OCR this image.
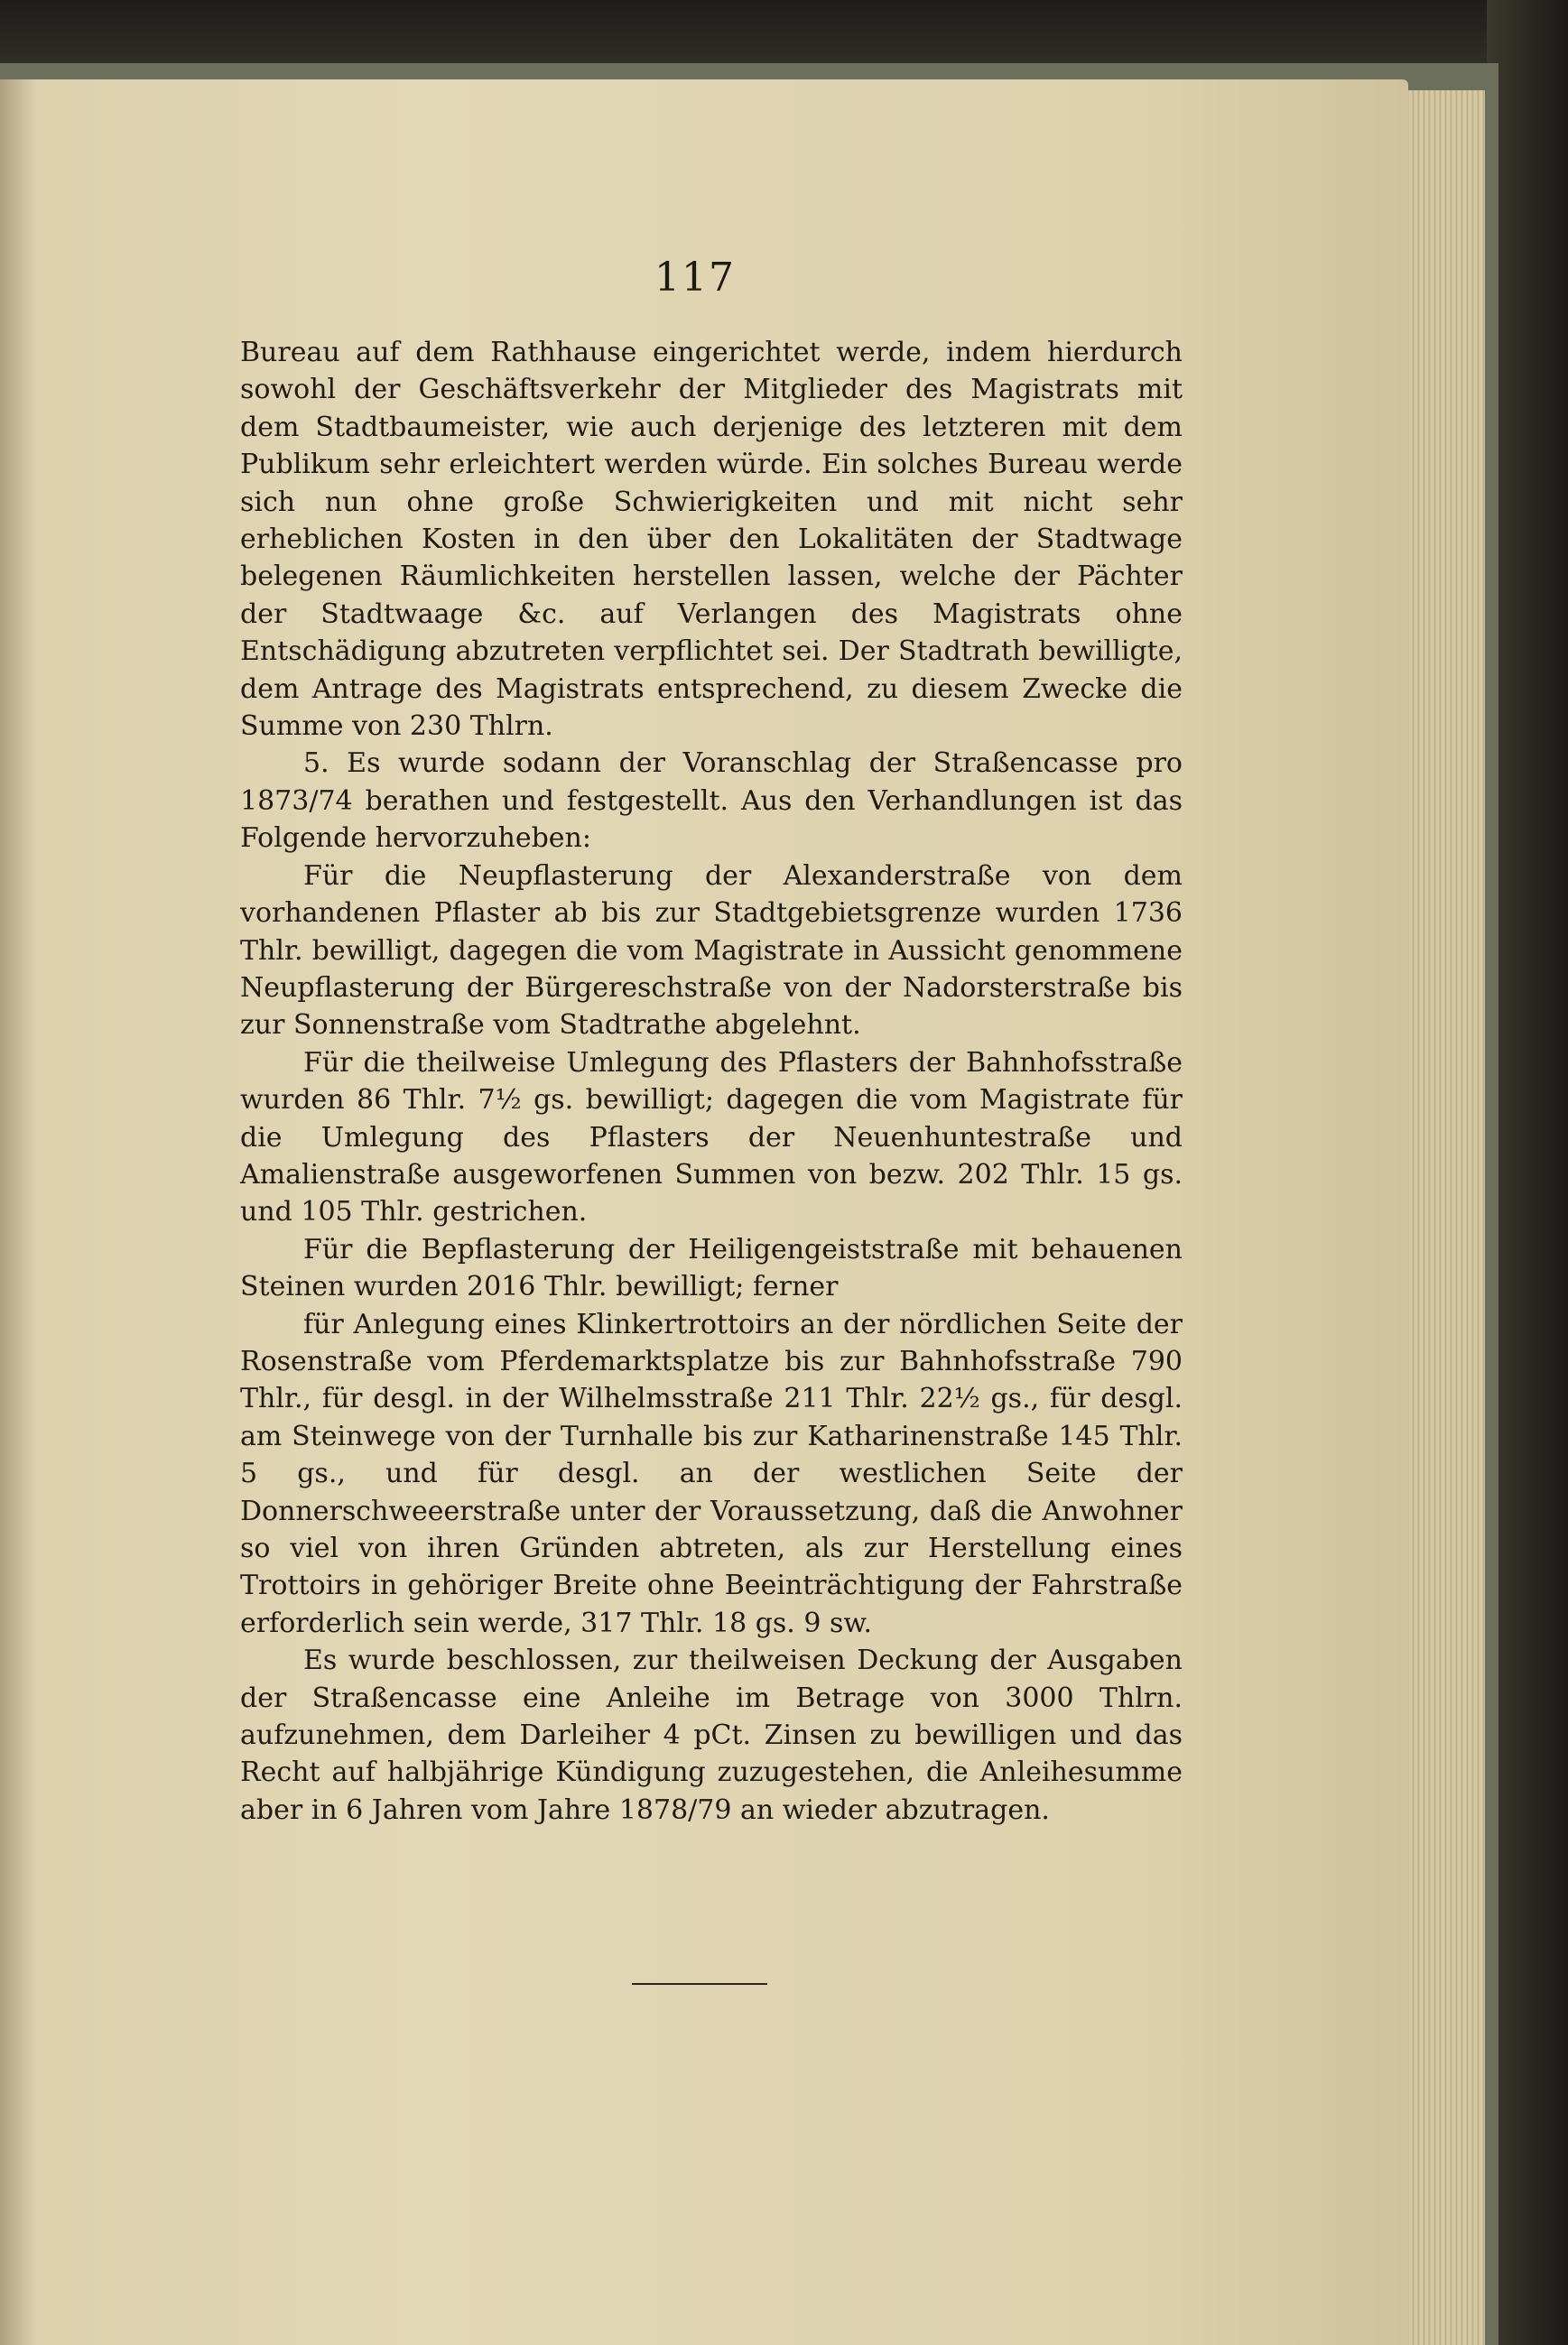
117

Bureau auf dem Rathhause eingerichtet werde, indem hierdurch sowohl der Geschäftsverkehr der Mitglieder des Magistrats mit dem Stadtbaumeister, wie auch derjenige des letzteren mit dem Publikum sehr erleichtert werden würde. Ein solches Bureau werde sich nun ohne große Schwierigkeiten und mit nicht sehr erheblichen Kosten in den über den Lokalitäten der Stadtwage belegenen Räumlichkeiten herstellen lassen, welche der Pächter der Stadtwaage &c. auf Verlangen des Magistrats ohne Entschädigung abzutreten verpflichtet sei. Der Stadtrath bewilligte, dem Antrage des Magistrats entsprechend, zu diesem Zwecke die Summe von 230 Thlrn.

5. Es wurde sodann der Voranschlag der Straßencasse pro 1873/74 berathen und festgestellt. Aus den Verhandlungen ist das Folgende hervorzuheben:

Für die Neupflasterung der Alexanderstraße von dem vorhandenen Pflaster ab bis zur Stadtgebietsgrenze wurden 1736 Thlr. bewilligt, dagegen die vom Magistrate in Aussicht genommene Neupflasterung der Bürgereschstraße von der Nadorsterstraße bis zur Sonnenstraße vom Stadtrathe abgelehnt.

Für die theilweise Umlegung des Pflasters der Bahnhofsstraße wurden 86 Thlr. 7½ gs. bewilligt; dagegen die vom Magistrate für die Umlegung des Pflasters der Neuenhuntestraße und Amalienstraße ausgeworfenen Summen von bezw. 202 Thlr. 15 gs. und 105 Thlr. gestrichen.

Für die Bepflasterung der Heiligengeiststraße mit behauenen Steinen wurden 2016 Thlr. bewilligt; ferner

für Anlegung eines Klinkertrottoirs an der nördlichen Seite der Rosenstraße vom Pferdemarktsplatze bis zur Bahnhofsstraße 790 Thlr., für desgl. in der Wilhelmsstraße 211 Thlr. 22½ gs., für desgl. am Steinwege von der Turnhalle bis zur Katharinenstraße 145 Thlr. 5 gs., und für desgl. an der westlichen Seite der Donnerschweeerstraße unter der Voraussetzung, daß die Anwohner so viel von ihren Gründen abtreten, als zur Herstellung eines Trottoirs in gehöriger Breite ohne Beeinträchtigung der Fahrstraße erforderlich sein werde, 317 Thlr. 18 gs. 9 sw.

Es wurde beschlossen, zur theilweisen Deckung der Ausgaben der Straßencasse eine Anleihe im Betrage von 3000 Thlrn. aufzunehmen, dem Darleiher 4 pCt. Zinsen zu bewilligen und das Recht auf halbjährige Kündigung zuzugestehen, die Anleihesumme aber in 6 Jahren vom Jahre 1878/79 an wieder abzutragen.
